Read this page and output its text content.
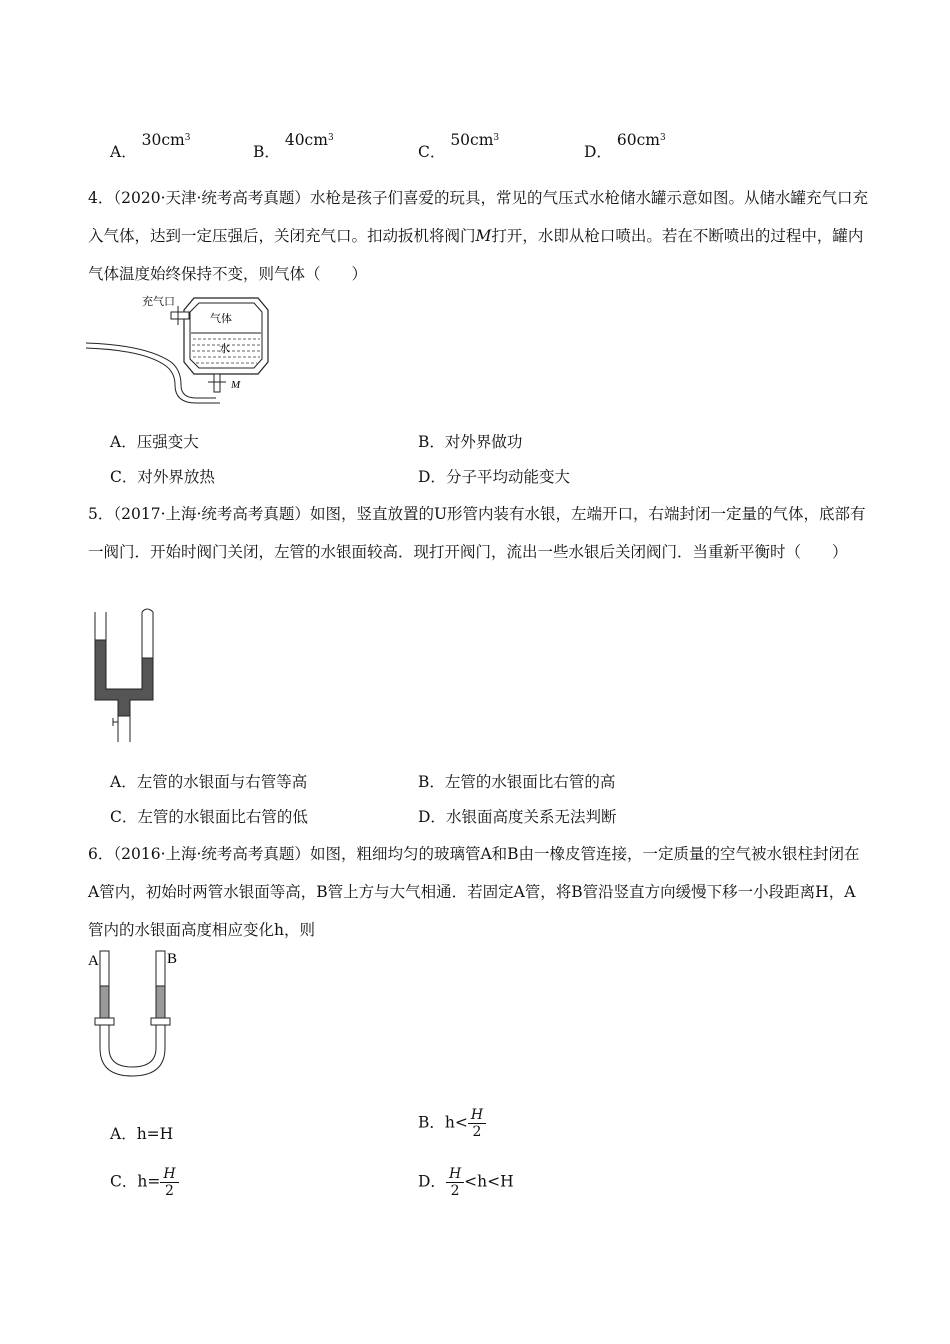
A． $30cm^3$
B． $40cm^3$
C． $50cm^3$
D． $60cm^3$
4．（2020·天津·统考高考真题）水枪是孩子们喜爱的玩具，常见的气压式水枪储水罐示意如图。从储水罐充气口充入气体，达到一定压强后，关闭充气口。扣动扳机将阀门M打开，水即从枪口喷出。若在不断喷出的过程中，罐内气体温度始终保持不变，则气体（　　）
充气口
气体
水
M
A．压强变大	B．对外界做功
C．对外界放热	D．分子平均动能变大
5．（2017·上海·统考高考真题）如图，竖直放置的U形管内装有水银，左端开口，右端封闭一定量的气体，底部有一阀门．开始时阀门关闭，左管的水银面较高．现打开阀门，流出一些水银后关闭阀门．当重新平衡时（　　）
A．左管的水银面与右管等高	B．左管的水银面比右管的高
C．左管的水银面比右管的低	D．水银面高度关系无法判断
6．（2016·上海·统考高考真题）如图，粗细均匀的玻璃管A和B由一橡皮管连接，一定质量的空气被水银柱封闭在A管内，初始时两管水银面等高，B管上方与大气相通．若固定A管，将B管沿竖直方向缓慢下移一小段距离H，A管内的水银面高度相应变化h，则
A	B
A．h=H
B．$h< \frac{H}{2}$
C．$h= \frac{H}{2}$	D． $\frac{H}{2} <h<H$
